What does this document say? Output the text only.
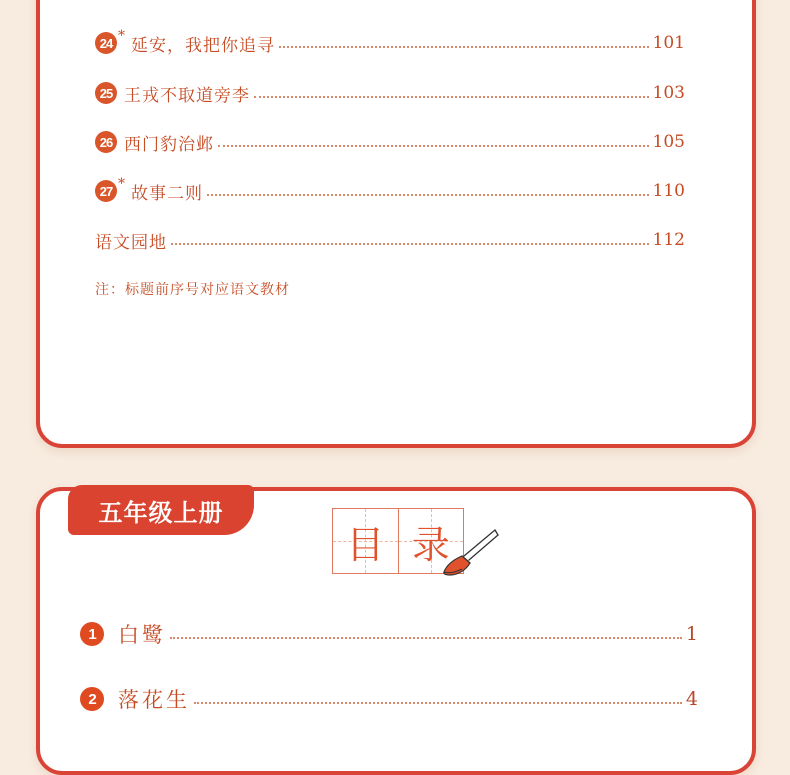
24 * 延安，我把你追寻	101
25 王戎不取道旁李	103
26 西门豹治邺	105
27 * 故事二则	110
语文园地	112
注：标题前序号对应语文教材
五年级上册
目 录
1	白鹭	1
2	落花生	4
